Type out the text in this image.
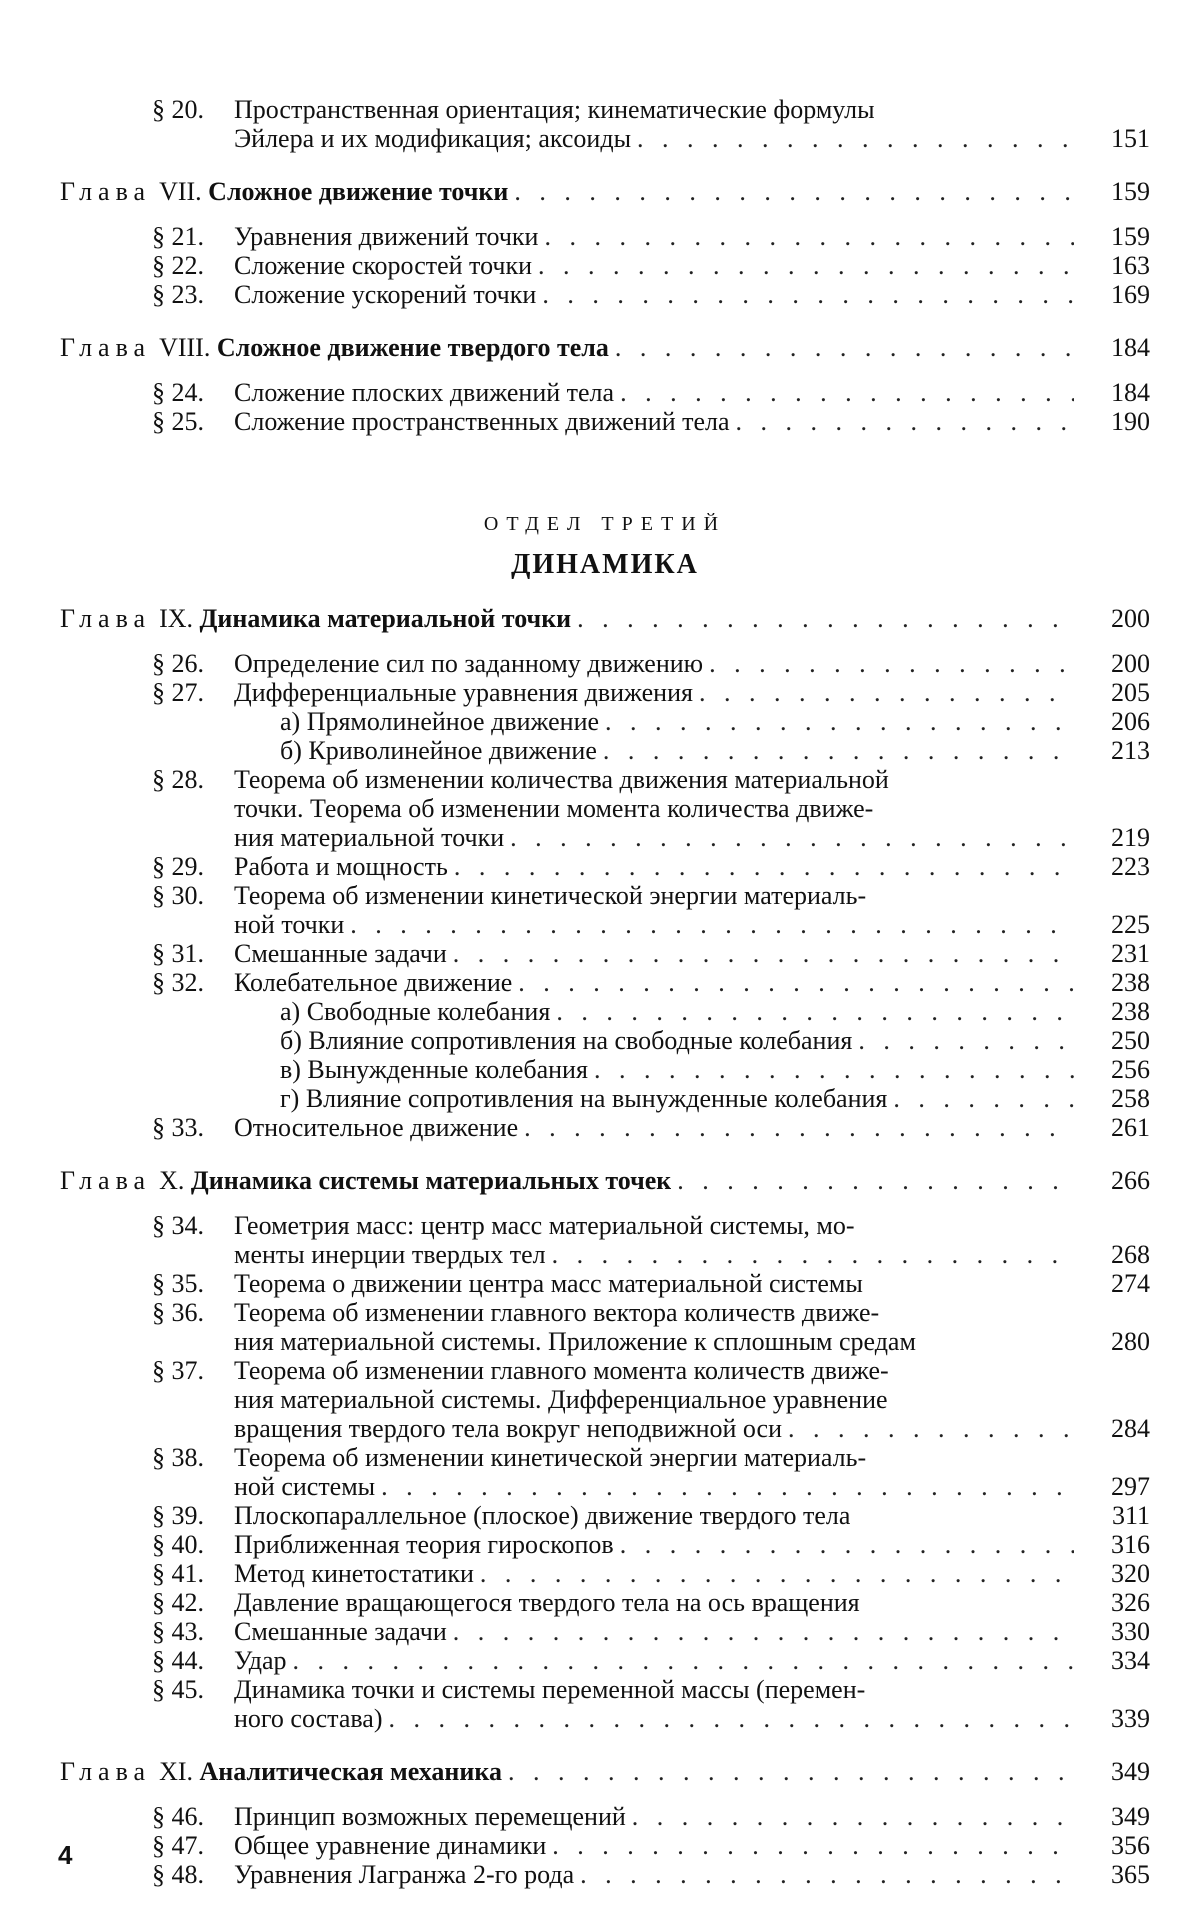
§ 20.	Пространственная ориентация; кинематические формулы
Эйлера и их модификация; аксоиды . . .	151
Глава VII. Сложное движение точки . . .	159
§ 21.	Уравнения движений точки . . .	159
§ 22.	Сложение скоростей точки . . .	163
§ 23.	Сложение ускорений точки . . .	169
Глава VIII. Сложное движение твердого тела . . .	184
§ 24.	Сложение плоских движений тела . . .	184
§ 25.	Сложение пространственных движений тела . . .	190
ОТДЕЛ ТРЕТИЙ
ДИНАМИКА
Глава IX. Динамика материальной точки . . .	200
§ 26.	Определение сил по заданному движению . . .	200
§ 27.	Дифференциальные уравнения движения . . .	205
а) Прямолинейное движение . . .	206
б) Криволинейное движение . . .	213
§ 28.	Теорема об изменении количества движения материальной
точки. Теорема об изменении момента количества движе-
ния материальной точки . . .	219
§ 29.	Работа и мощность . . .	223
§ 30.	Теорема об изменении кинетической энергии материаль-
ной точки . . .	225
§ 31.	Смешанные задачи . . .	231
§ 32.	Колебательное движение . . .	238
а) Свободные колебания . . .	238
б) Влияние сопротивления на свободные колебания . . .	250
в) Вынужденные колебания . . .	256
г) Влияние сопротивления на вынужденные колебания . . .	258
§ 33.	Относительное движение . . .	261
Глава X. Динамика системы материальных точек . . .	266
§ 34.	Геометрия масс: центр масс материальной системы, мо-
менты инерции твердых тел . . .	268
§ 35.	Теорема о движении центра масс материальной системы	274
§ 36.	Теорема об изменении главного вектора количеств движе-
ния материальной системы. Приложение к сплошным средам	280
§ 37.	Теорема об изменении главного момента количеств движе-
ния материальной системы. Дифференциальное уравнение
вращения твердого тела вокруг неподвижной оси . . .	284
§ 38.	Теорема об изменении кинетической энергии материаль-
ной системы . . .	297
§ 39.	Плоскопараллельное (плоское) движение твердого тела	311
§ 40.	Приближенная теория гироскопов . . .	316
§ 41.	Метод кинетостатики . . .	320
§ 42.	Давление вращающегося твердого тела на ось вращения	326
§ 43.	Смешанные задачи . . .	330
§ 44.	Удар . . .	334
§ 45.	Динамика точки и системы переменной массы (перемен-
ного состава) . . .	339
Глава XI. Аналитическая механика . . .	349
§ 46.	Принцип возможных перемещений . . .	349
§ 47.	Общее уравнение динамики . . .	356
§ 48.	Уравнения Лагранжа 2-го рода . . .	365
4
